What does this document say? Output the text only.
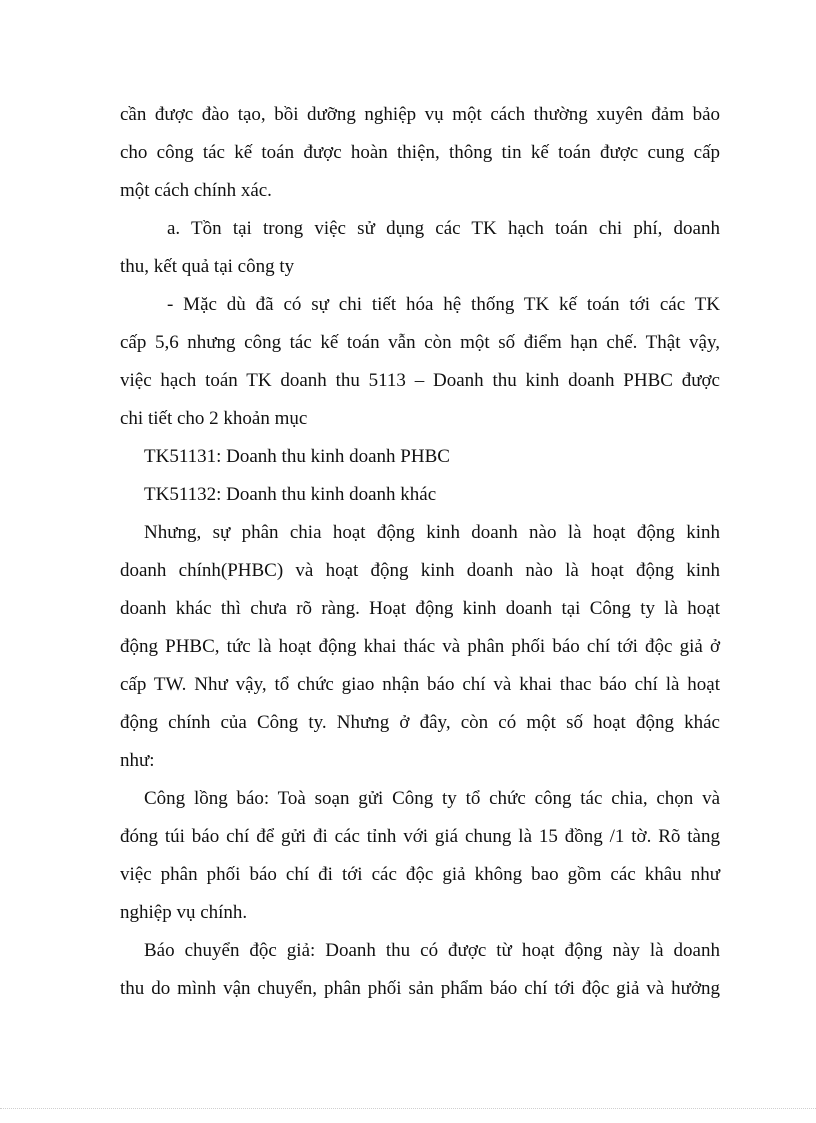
cần được đào tạo, bồi dưỡng nghiệp vụ một cách thường xuyên đảm bảo
cho công tác kế toán được hoàn thiện, thông tin kế toán được cung cấp
một cách chính xác.
a. Tồn tại trong việc sử dụng các TK hạch toán chi phí, doanh
thu, kết quả tại công ty
- Mặc dù đã có sự chi tiết hóa hệ thống TK kế toán tới các TK
cấp 5,6 nhưng công tác kế toán vẫn còn một số điểm hạn chế. Thật vậy,
việc hạch toán TK doanh thu 5113 – Doanh thu kinh doanh PHBC được
chi tiết cho 2 khoản mục
TK51131: Doanh thu kinh doanh PHBC
TK51132: Doanh thu kinh doanh khác
Nhưng, sự phân chia hoạt động kinh doanh nào là hoạt động kinh
doanh chính(PHBC) và hoạt động kinh doanh nào là hoạt động kinh
doanh khác thì chưa rõ ràng. Hoạt động kinh doanh tại Công ty là hoạt
động PHBC, tức là hoạt động khai thác và phân phối báo chí tới độc giả ở
cấp TW. Như vậy, tổ chức giao nhận báo chí và khai thac báo chí là hoạt
động chính của Công ty. Nhưng ở đây, còn có một số hoạt động khác
như:
Công lồng báo: Toà soạn gửi Công ty tổ chức công tác chia, chọn và
đóng túi báo chí để gửi đi các tỉnh với giá chung là 15 đồng /1 tờ. Rõ tàng
việc phân phối báo chí đi tới các độc giả không bao gồm các khâu như
nghiệp vụ chính.
Báo chuyển độc giả: Doanh thu có được từ hoạt động này là doanh
thu do mình vận chuyển, phân phối sản phẩm báo chí tới độc giả và hưởng
